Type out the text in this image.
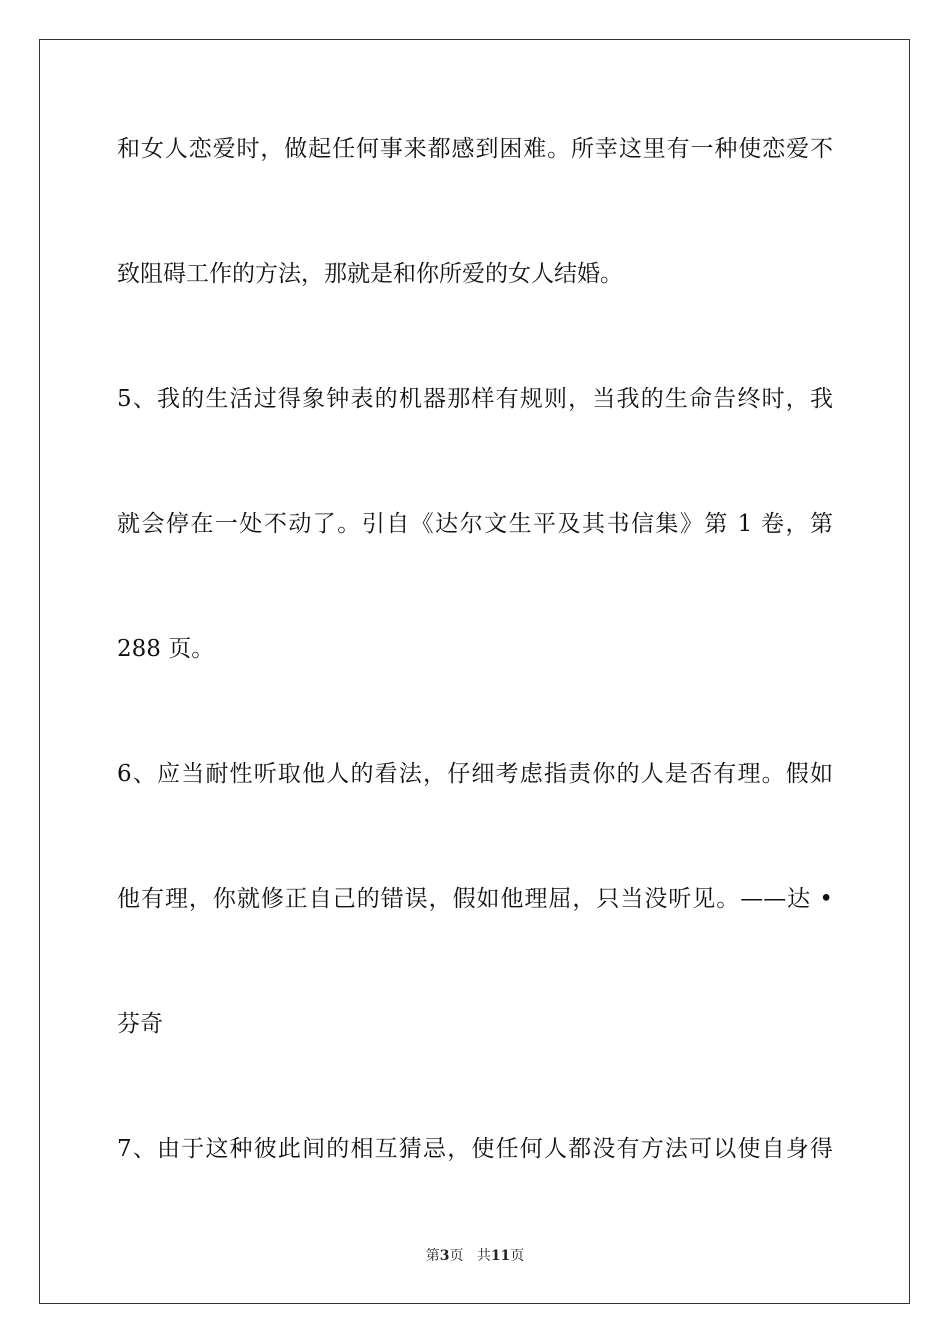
和女人恋爱时，做起任何事来都感到困难。所幸这里有一种使恋爱不
致阻碍工作的方法，那就是和你所爱的女人结婚。
5、我的生活过得象钟表的机器那样有规则，当我的生命告终时，我
就会停在一处不动了。引自《达尔文生平及其书信集》第 1 卷，第
288 页。
6、应当耐性听取他人的看法，仔细考虑指责你的人是否有理。假如
他有理，你就修正自己的错误，假如他理屈，只当没听见。——达 •
芬奇
7、由于这种彼此间的相互猜忌，使任何人都没有方法可以使自身得
第3页 共11页
